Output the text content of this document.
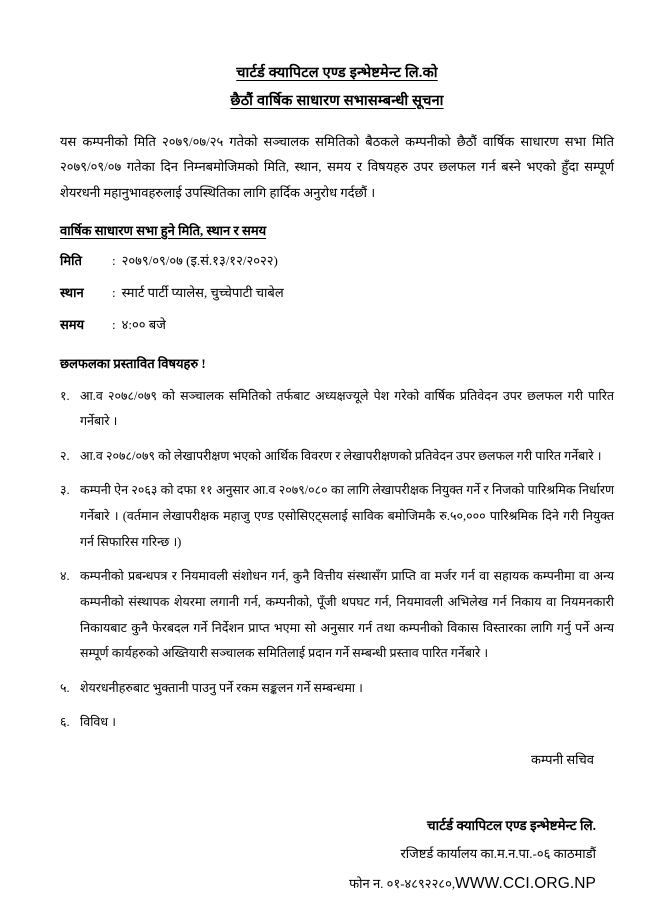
चार्टर्ड क्यापिटल एण्ड इन्भेष्टमेन्ट लि.को
छैठौं वार्षिक साधारण सभासम्बन्धी सूचना
यस कम्पनीको मिति २०७९/०७/२५ गतेको सञ्चालक समितिको बैठकले कम्पनीको छैठौं वार्षिक साधारण सभा मिति २०७९/०९/०७ गतेका दिन निम्नबमोजिमको मिति, स्थान, समय र विषयहरु उपर छलफल गर्न बस्ने भएको हुँदा सम्पूर्ण शेयरधनी महानुभावहरुलाई उपस्थितिका लागि हार्दिक अनुरोध गर्दछौं ।
वार्षिक साधारण सभा हुने मिति, स्थान र समय
मिति	: २०७९/०९/०७ (इ.सं.१३/१२/२०२२)
स्थान	: स्मार्ट पार्टी प्यालेस, चुच्चेपाटी चाबेल
समय	: ४:०० बजे
छलफलका प्रस्तावित विषयहरु !
१. आ.व २०७८/०७९ को सञ्चालक समितिको तर्फबाट अध्यक्षज्यूले पेश गरेको वार्षिक प्रतिवेदन उपर छलफल गरी पारित गर्नेबारे ।
२. आ.व २०७८/०७९ को लेखापरीक्षण भएको आर्थिक विवरण र लेखापरीक्षणको प्रतिवेदन उपर छलफल गरी पारित गर्नेबारे ।
३. कम्पनी ऐन २०६३ को दफा ११ अनुसार आ.व २०७९/०८० का लागि लेखापरीक्षक नियुक्त गर्ने र निजको पारिश्रमिक निर्धारण गर्नेबारे । (वर्तमान लेखापरीक्षक महाजु एण्ड एसोसिएट्सलाई साविक बमोजिमकै रु.५०,००० पारिश्रमिक दिने गरी नियुक्त गर्न सिफारिस गरिन्छ ।)
४. कम्पनीको प्रबन्धपत्र र नियमावली संशोधन गर्न, कुनै वित्तीय संस्थासँग प्राप्ति वा मर्जर गर्न वा सहायक कम्पनीमा वा अन्य कम्पनीको संस्थापक शेयरमा लगानी गर्न, कम्पनीको, पूँजी थपघट गर्न, नियमावली अभिलेख गर्न निकाय वा नियमनकारी निकायबाट कुनै फेरबदल गर्ने निर्देशन प्राप्त भएमा सो अनुसार गर्न तथा कम्पनीको विकास विस्तारका लागि गर्नु पर्ने अन्य सम्पूर्ण कार्यहरुको अख्तियारी सञ्चालक समितिलाई प्रदान गर्ने सम्बन्धी प्रस्ताव पारित गर्नेबारे ।
५. शेयरधनीहरुबाट भुक्तानी पाउनु पर्ने रकम सङ्कलन गर्ने सम्बन्धमा ।
६. विविध ।
कम्पनी सचिव
चार्टर्ड क्यापिटल एण्ड इन्भेष्टमेन्ट लि.
रजिष्टर्ड कार्यालय का.म.न.पा.-०६ काठमाडौं
फोन न. ०१-४८९२२८०,WWW.CCI.ORG.NP
